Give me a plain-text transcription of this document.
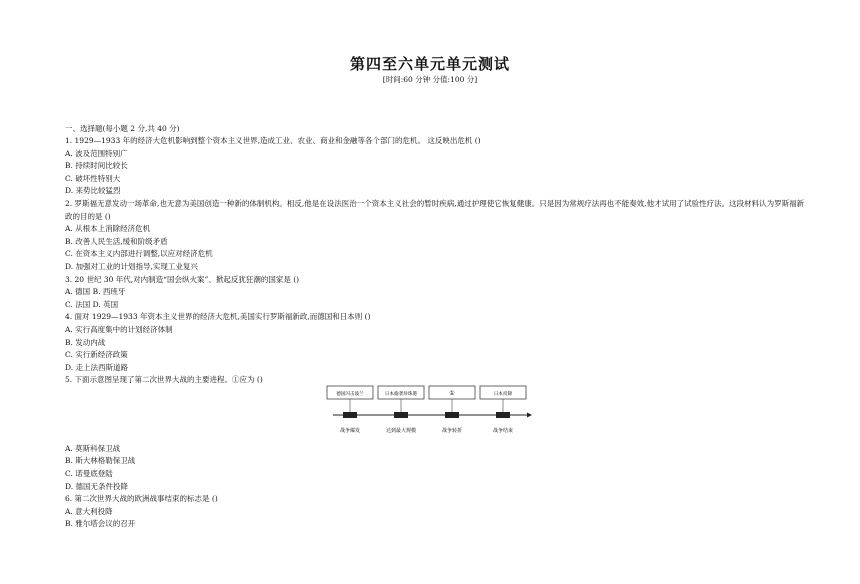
第四至六单元单元测试
[时间:60 分钟 分值:100 分]
一、选择题(每小题 2 分,共 40 分)
1. 1929—1933 年的经济大危机影响到整个资本主义世界,造成工业、农业、商业和金融等各个部门的危机。 这反映出危机 ()
A. 波及范围特别广
B. 持续时间比较长
C. 破坏性特别大
D. 来势比较猛烈
2. 罗斯福无意发动一场革命,也无意为美国创造一种新的体制机构。相反,他是在设法医治一个资本主义社会的暂时疾病,通过护理使它恢复健康。只是因为常规疗法再也不能奏效,他才试用了试验性疗法。这段材料认为罗斯福新政的目的是 ()
A. 从根本上消除经济危机
B. 改善人民生活,缓和阶级矛盾
C. 在资本主义内部进行调整,以应对经济危机
D. 加强对工业的计划指导,实现工业复兴
3. 20 世纪 30 年代,对内制造“国会纵火案”、掀起反犹狂潮的国家是 ()
A. 德国 B. 西班牙
C. 法国 D. 英国
4. 面对 1929—1933 年资本主义世界的经济大危机,美国实行罗斯福新政,而德国和日本则 ()
A. 实行高度集中的计划经济体制
B. 发动内战
C. 实行新经济政策
D. 走上法西斯道路
5. 下面示意图呈现了第二次世界大战的主要进程。①应为 ()
德国闪击波兰	日本偷袭珍珠港	①	日本投降
战争爆发	达到最大规模	战争转折	战争结束
A. 莫斯科保卫战
B. 斯大林格勒保卫战
C. 诺曼底登陆
D. 德国无条件投降
6. 第二次世界大战的欧洲战事结束的标志是 ()
A. 意大利投降
B. 雅尔塔会议的召开
